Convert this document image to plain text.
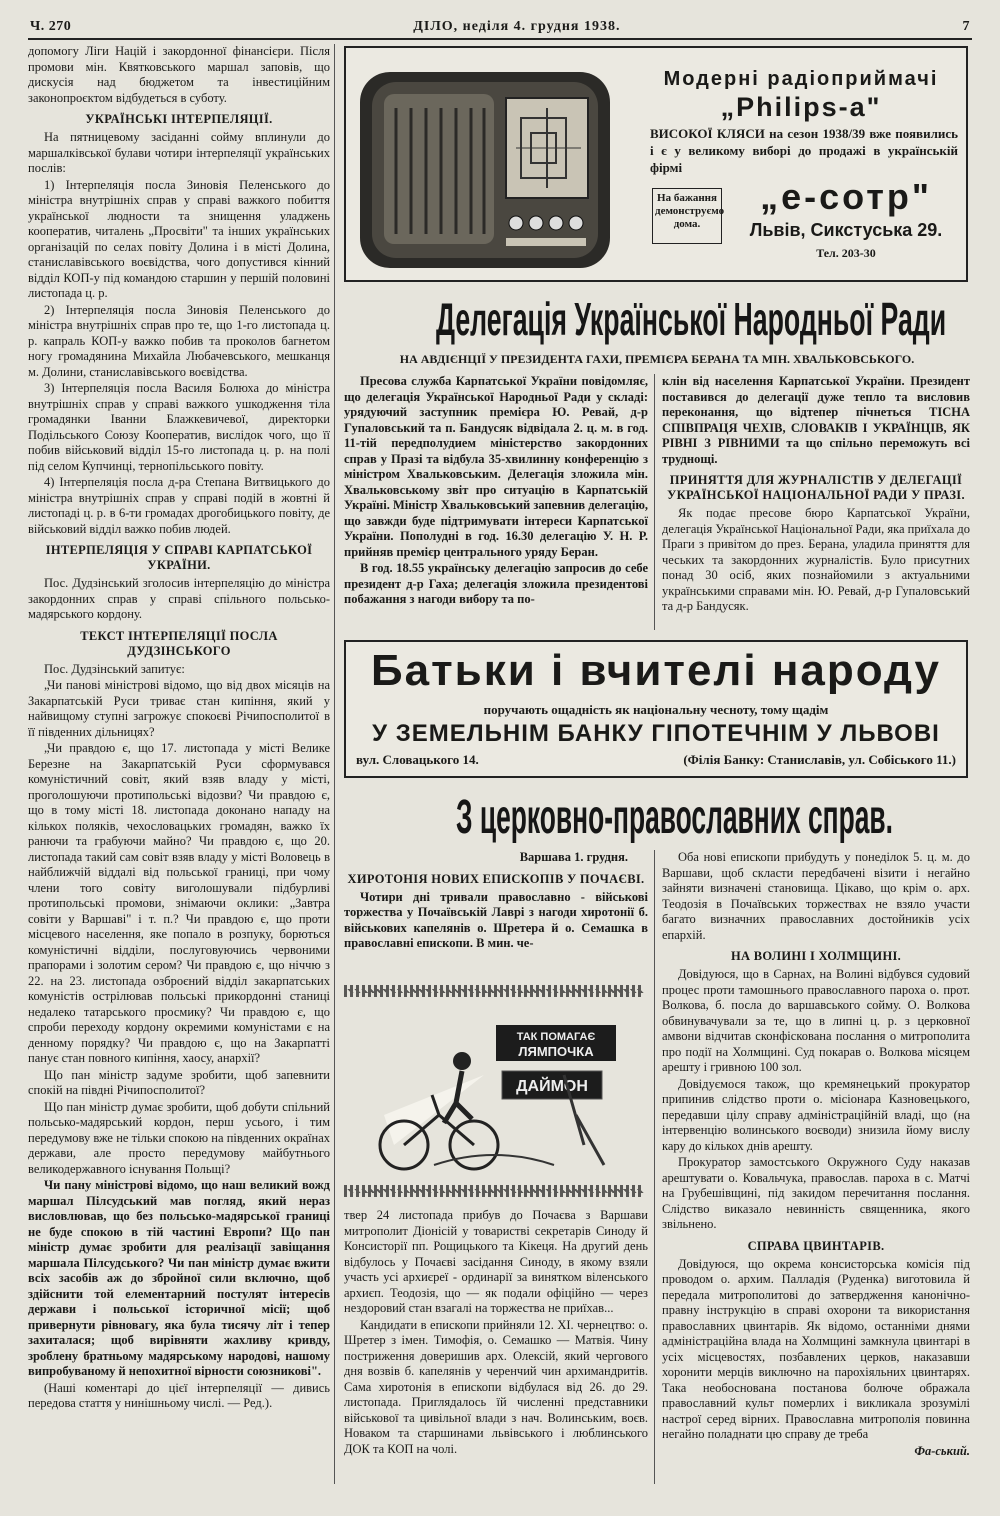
Ч. 270	ДІЛО, неділя 4. грудня 1938.	7

допомогу Ліги Націй і закордонної фінансієри. Після промови мін. Квятковського маршал заповів, що дискусія над бюджетом та інвестиційним законопроєктом відбудеться в суботу.

УКРАЇНСЬКІ ІНТЕРПЕЛЯЦІЇ.

На пятницевому засіданні сойму вплинули до маршалківської булави чотири інтерпеляції українських послів:

1) Інтерпеляція посла Зиновія Пеленського до міністра внутрішніх справ у справі важкого побиття української людности та знищення уладжень кооператив, читалень „Просвіти" та інших українських організацій по селах повіту Долина і в місті Долина, станиславівського воєвідства, чого допустився кінний відділ КОП-у під командою старшин у першій половині листопада ц. р.

2) Інтерпеляція посла Зиновія Пеленського до міністра внутрішніх справ про те, що 1-го листопада ц. р. капраль КОП-у важко побив та проколов багнетом ногу громадянина Михайла Любачевського, мешканця м. Долини, станиславівського воєвідства.

3) Інтерпеляція посла Василя Болюха до міністра внутрішніх справ у справі важкого ушкодження тіла громадянки Іванни Блажкевичевої, директорки Подільського Союзу Кооператив, вислідок чого, що її побив військовий відділ 15-го листопада ц. р. на полі під селом Купчинці, тернопільського повіту.

4) Інтерпеляція посла д-ра Степана Витвицького до міністра внутрішніх справ у справі подій в жовтні й листопаді ц. р. в 6-ти громадах дрогобицького повіту, де військовий відділ важко побив людей.

ІНТЕРПЕЛЯЦІЯ У СПРАВІ КАРПАТСЬКОЇ УКРАЇНИ.

Пос. Дудзінський зголосив інтерпеляцію до міністра закордонних справ у справі спільного польсько-мадярського кордону.

ТЕКСТ ІНТЕРПЕЛЯЦІЇ ПОСЛА ДУДЗІНСЬКОГО

Пос. Дудзінський запитує:

„Чи панові міністрові відомо, що від двох місяців на Закарпатській Руси триває стан кипіння, який у найвищому ступні загрожує спокоєві Річипосполитої в її південних дільницях?

„Чи правдою є, що 17. листопада у місті Велике Березне на Закарпатській Руси сформувався комуністичний совіт, який взяв владу у місті, проголошуючи протипольські відозви? Чи правдою є, що в тому місті 18. листопада доконано нападу на кількох поляків, чехословацьких громадян, важко їх ранючи та грабуючи майно? Чи правдою є, що 20. листопада такий сам совіт взяв владу у місті Воловець в найближчій віддалі від польської границі, при чому члени того совіту виголошували підбурливі протипольські промови, знімаючи оклики: „Завтра совіти у Варшаві" і т. п.? Чи правдою є, що проти місцевого населення, яке попало в розпуку, борються комуністичні відділи, послуговуючись червоними прапорами і золотим сером? Чи правдою є, що ніччю з 22. на 23. листопада озброєний відділ закарпатських комуністів острілював польські прикордонні станиці недалеко татарського просмику? Чи правдою є, що спроби переходу кордону окремими комуністами є на денному порядку? Чи правдою є, що на Закарпатті панує стан повного кипіння, хаосу, анархії?

Що пан міністр задуме зробити, щоб запевнити спокій на півдні Річипосполитої?

Що пан міністр думає зробити, щоб добути спільний польсько-мадярський кордон, перш усього, і тим передумову вже не тільки спокою на південних окраїнах держави, але просто передумову майбутнього великодержавного існування Польщі?

Чи пану міністрові відомо, що наш великий вожд маршал Пілсудський мав погляд, який нераз висловлював, що без польсько-мадярської границі не буде спокою в тій частині Европи? Що пан міністр думає зробити для реалізації завіщання маршала Пілсудського? Чи пан міністр думає вжити всіх засобів аж до збройної сили включно, щоб здійснити той елементарний постулят інтересів держави і польської історичної місії; щоб привернути рівновагу, яка була тисячу літ і тепер захиталася; щоб вирівняти жахливу кривду, зроблену братньому мадярському народові, нашому випробуваному й непохитної вірности союзникові".

(Наші коментарі до цієї інтерпеляції — дивись передова стаття у нинішньому числі. — Ред.).

Модерні радіоприймачі
„Philips-а"
ВИСОКОЇ КЛЯСИ на сезон 1938/39 вже появились і є у великому виборі до продажі в українській фірмі
На бажання демонструємо дома.
„е-сотр"
Львів, Сикстуська 29.
Тел. 203-30
Делегація Української Народньої Ради
НА АВДІЄНЦІЇ У ПРЕЗИДЕНТА ГАХИ, ПРЕМІЄРА БЕРАНА ТА МІН. ХВАЛЬКОВСЬКОГО.

Пресова служба Карпатської України повідомляє, що делегація Української Народньої Ради у складі: урядуючий заступник премієра Ю. Ревай, д-р Гупаловський та п. Бандусяк відвідала 2. ц. м. в год. 11-тій передполудием міністерство закордонних справ у Празі та відбула 35-хвилинну конференцію з міністром Хвальковським. Делегація зложила мін. Хвальковському звіт про ситуацію в Карпатській Україні. Міністр Хвальковський запевнив делегацію, що завжди буде підтримувати інтереси Карпатської України. Пополудні в год. 16.30 делегацію У. Н. Р. прийняв премієр центрального уряду Беран.

В год. 18.55 українську делегацію запросив до себе президент д-р Гаха; делегація зложила президентові побажання з нагоди вибору та по-

клін від населення Карпатської України. Президент поставився до делегації дуже тепло та висловив переконання, що відтепер пічнеться ТІСНА СПІВПРАЦЯ ЧЕХІВ, СЛОВАКІВ І УКРАЇНЦІВ, ЯК РІВНІ З РІВНИМИ та що спільно переможуть всі труднощі.

ПРИНЯТТЯ ДЛЯ ЖУРНАЛІСТІВ У ДЕЛЕГАЦІЇ УКРАЇНСЬКОЇ НАЦІОНАЛЬНОЇ РАДИ У ПРАЗІ.

Як подає пресове бюро Карпатської України, делегація Української Національної Ради, яка приїхала до Праги з привітом до през. Берана, уладила приняття для чеських та закордонних журналістів. Було присутних понад 30 осіб, яких познайомили з актуальними українськими справами мін. Ю. Ревай, д-р Гупаловський та д-р Бандусяк.

Батьки і вчителі народу
поручають ощадність як національну чесноту, тому щадім
У ЗЕМЕЛЬНІМ БАНКУ ГІПОТЕЧНІМ У ЛЬВОВІ
вул. Словацького 14.	(Філія Банку: Станиславів, ул. Собіського 11.)
З церковно-православних справ.

Варшава 1. грудня.

ХИРОТОНІЯ НОВИХ ЕПИСКОПІВ У ПОЧАЄВІ.

Чотири дні тривали православно - військові торжества у Почаївській Лаврі з нагоди хиротонії б. військових капелянів о. Шретера й о. Семашка в православні епископи. В мин. че-

ТАК ПОМАГАЄ
ЛЯМПОЧКА
ДАЙМОН

твер 24 листопада прибув до Почаєва з Варшави митрополит Діонісій у товаристві секретарів Синоду й Консисторії пп. Рощицького та Кікеця. На другий день відбулось у Почаєві засідання Синоду, в якому взяли участь усі архиєреї - ординарії за винятком віленського архиєп. Теодозія, що — як подали офіційно — через нездоровий стан взагалі на торжества не приїхав...

Кандидати в епископи прийняли 12. XI. чернецтво: о. Шретер з імен. Тимофія, о. Семашко — Матвія. Чину постриження доверишив арх. Олексій, який чергового дня возвів б. капелянів у черенчий чин архимандритів. Сама хиротонія в епископи відбулася від 26. до 29. листопада. Приглядалось їй численні представники військової та цивільної влади з нач. Волинським, воєв. Новаком та старшинами львівського і люблинського ДОК та КОП на чолі.

Оба нові епископи прибудуть у понеділок 5. ц. м. до Варшави, щоб скласти передбачені візити і негайно зайняти визначені становища. Цікаво, що крім о. арх. Теодозія в Почаївських торжествах не взяло участи багато визначних православних достойників усіх епархій.

НА ВОЛИНІ І ХОЛМЩИНІ.

Довідуюся, що в Сарнах, на Волині відбувся судовий процес проти тамошнього православного пароха о. прот. Волкова, б. посла до варшавського сойму. О. Волкова обвинувачували за те, що в липні ц. р. з церковної амвони відчитав сконфіскована послання о митрополита про події на Холмщині. Суд покарав о. Волкова місяцем арешту і гривною 100 зол.

Довідуємося також, що кремянецький прокуратор припинив слідство проти о. місіонара Казновецького, передавши цілу справу адміністраційній владі, що (на інтервенцію волинського воєводи) знизила йому вислу кару до кількох днів арешту.

Прокуратор замостського Окружного Суду наказав арештувати о. Ковальчука, православ. пароха в с. Матчі на Грубешівщині, під закидом перечитання послання. Слідство виказало невинність священника, якого звільнено.

СПРАВА ЦВИНТАРІВ.

Довідуюся, що окрема консисторська комісія під проводом о. архим. Палладія (Руденка) виготовила й передала митрополитові до затвердження канонічно-правну інструкцію в справі охорони та використання православних цвинтарів. Як відомо, останніми днями адміністраційна влада на Холмщині замкнула цвинтарі в усіх місцевостях, позбавлених церков, наказавши хоронити мерців виключно на парохіяльних цвинтарях. Така необоснована постанова болюче ображала православний культ померлих і викликала зрозумілі настрої серед вірних. Православна митрополія повинна негайно поладнати цю справу де треба

Фа-ський.
